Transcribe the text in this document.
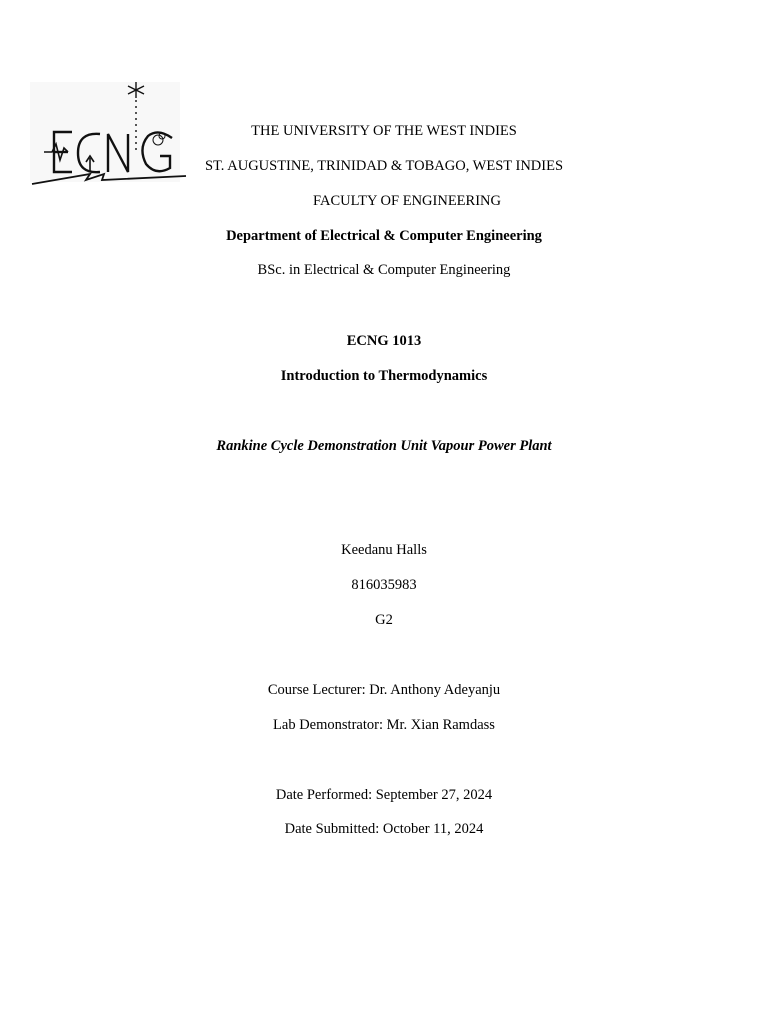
THE UNIVERSITY OF THE WEST INDIES
ST. AUGUSTINE, TRINIDAD & TOBAGO, WEST INDIES
FACULTY OF ENGINEERING
Department of Electrical & Computer Engineering
BSc. in Electrical & Computer Engineering
ECNG 1013
Introduction to Thermodynamics
Rankine Cycle Demonstration Unit Vapour Power Plant
Keedanu Halls
816035983
G2
Course Lecturer: Dr. Anthony Adeyanju
Lab Demonstrator: Mr. Xian Ramdass
Date Performed: September 27, 2024
Date Submitted: October 11, 2024
